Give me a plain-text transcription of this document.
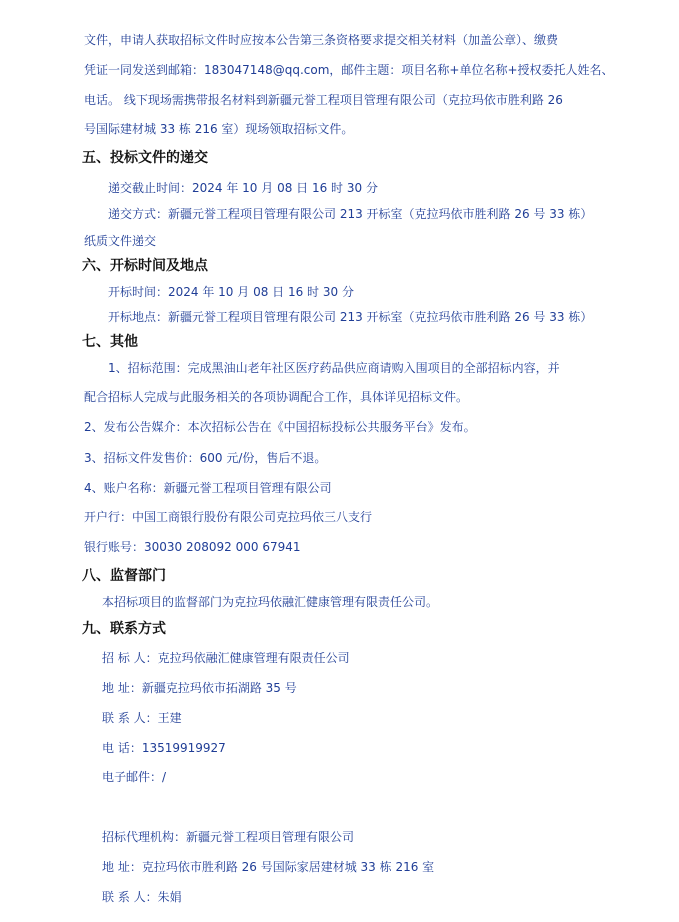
文件，申请人获取招标文件时应按本公告第三条资格要求提交相关材料（加盖公章）、缴费
凭证一同发送到邮箱：183047148@qq.com，邮件主题：项目名称+单位名称+授权委托人姓名、
电话。 线下现场需携带报名材料到新疆元誉工程项目管理有限公司（克拉玛依市胜利路 26
号国际建材城 33 栋 216 室）现场领取招标文件。
五、投标文件的递交
递交截止时间：2024 年 10 月 08 日 16 时 30 分
递交方式：新疆元誉工程项目管理有限公司 213 开标室（克拉玛依市胜利路 26 号 33 栋）
纸质文件递交
六、开标时间及地点
开标时间：2024 年 10 月 08 日 16 时 30 分
开标地点：新疆元誉工程项目管理有限公司 213 开标室（克拉玛依市胜利路 26 号 33 栋）
七、其他
1、招标范围：完成黑油山老年社区医疗药品供应商请购入围项目的全部招标内容，并
配合招标人完成与此服务相关的各项协调配合工作，具体详见招标文件。
2、发布公告媒介：本次招标公告在《中国招标投标公共服务平台》发布。
3、招标文件发售价：600 元/份，售后不退。
4、账户名称：新疆元誉工程项目管理有限公司
开户行：中国工商银行股份有限公司克拉玛依三八支行
银行账号：30030 208092 000 67941
八、监督部门
本招标项目的监督部门为克拉玛依融汇健康管理有限责任公司。
九、联系方式
招 标 人：克拉玛依融汇健康管理有限责任公司
地 址：新疆克拉玛依市拓湖路 35 号
联 系 人：王建
电 话：13519919927
电子邮件：/
招标代理机构：新疆元誉工程项目管理有限公司
地 址：克拉玛依市胜利路 26 号国际家居建材城 33 栋 216 室
联 系 人：朱娟
